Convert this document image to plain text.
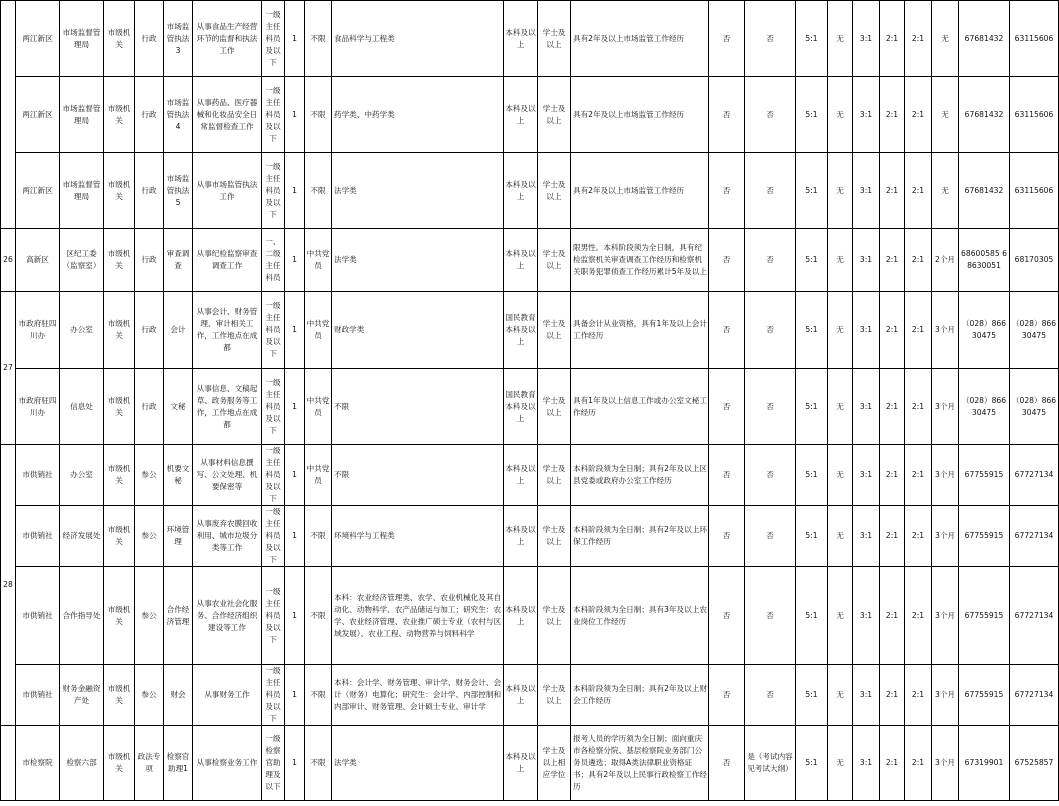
	两江新区	市场监督管理局	市级机关	行政	市场监管执法3	从事食品生产经营环节的监督和执法工作	一级主任科员及以下	1	不限	食品科学与工程类	本科及以上	学士及以上	具有2年及以上市场监管工作经历	否	否	5:1	无	3:1	2:1	2:1	无	67681432	63115606
	两江新区	市场监督管理局	市级机关	行政	市场监管执法4	从事药品、医疗器械和化妆品安全日常监督检查工作	一级主任科员及以下	1	不限	药学类、中药学类	本科及以上	学士及以上	具有2年及以上市场监管工作经历	否	否	5:1	无	3:1	2:1	2:1	无	67681432	63115606
	两江新区	市场监督管理局	市级机关	行政	市场监管执法5	从事市场监管执法工作	一级主任科员及以下	1	不限	法学类	本科及以上	学士及以上	具有2年及以上市场监管工作经历	否	否	5:1	无	3:1	2:1	2:1	无	67681432	63115606
26	高新区	区纪工委（监察室）	市级机关	行政	审查调查	从事纪检监察审查调查工作	一、二级主任科员	1	中共党员	法学类	本科及以上	学士及以上	限男性。本科阶段须为全日制，具有纪检监察机关审查调查工作经历和检察机关职务犯罪侦查工作经历累计5年及以上	否	否	5:1	无	3:1	2:1	2:1	2个月	68600585 68630051	68170305
27	市政府驻四川办	办公室	市级机关	行政	会计	从事会计、财务管理、审计相关工作，工作地点在成都	一级主任科员及以下	1	中共党员	财政学类	国民教育本科及以上	学士及以上	具备会计从业资格，具有1年及以上会计工作经历	否	否	5:1	无	3:1	2:1	2:1	3个月	（028）86630475	（028）86630475
	市政府驻四川办	信息处	市级机关	行政	文秘	从事信息、文稿起草、政务服务等工作，工作地点在成都	一级主任科员及以下	1	中共党员	不限	国民教育本科及以上	学士及以上	具有1年及以上信息工作或办公室文秘工作经历	否	否	5:1	无	3:1	2:1	2:1	3个月	（028）86630475	（028）86630475
28	市供销社	办公室	市级机关	参公	机要文秘	从事材料信息撰写、公文处理、机要保密等	一级主任科员及以下	1	中共党员	不限	本科及以上	学士及以上	本科阶段须为全日制；具有2年及以上区县党委或政府办公室工作经历	否	否	5:1	无	3:1	2:1	2:1	3个月	67755915	67727134
	市供销社	经济发展处	市级机关	参公	环境管理	从事废弃农膜回收利用、城市垃圾分类等工作	一级主任科员及以下	1	不限	环境科学与工程类	本科及以上	学士及以上	本科阶段须为全日制；具有2年及以上环保工作经历	否	否	5:1	无	3:1	2:1	2:1	3个月	67755915	67727134
	市供销社	合作指导处	市级机关	参公	合作经济管理	从事农业社会化服务、合作经济组织建设等工作	一级主任科员及以下	1	不限	本科：农业经济管理类、农学、农业机械化及其自动化、动物科学、农产品储运与加工；研究生：农学、农业经济管理、农业推广硕士专业（农村与区域发展）、农业工程、动物营养与饲料科学	本科及以上	学士及以上	本科阶段须为全日制；具有3年及以上农业岗位工作经历	否	否	5:1	无	3:1	2:1	2:1	3个月	67755915	67727134
	市供销社	财务金融资产处	市级机关	参公	财会	从事财务工作	一级主任科员及以下	1	不限	本科：会计学、财务管理、审计学、财务会计、会计（财务）电算化；研究生：会计学、内部控制和内部审计、财务管理、会计硕士专业、审计学	本科及以上	学士及以上	本科阶段须为全日制；具有2年及以上财会工作经历	否	否	5:1	无	3:1	2:1	2:1	3个月	67755915	67727134
	市检察院	检察六部	市级机关	政法专项	检察官助理1	从事检察业务工作	一级检察官助理及以下	1	不限	法学类	本科及以上	学士及以上相应学位	报考人员的学历须为全日制；面向重庆市各检察分院、基层检察院业务部门公务员遴选；取得A类法律职业资格证书；具有2年及以上民事行政检察工作经历	否	是（考试内容见考试大纲）	5:1	无	3:1	2:1	2:1	3个月	67319901	67525857
